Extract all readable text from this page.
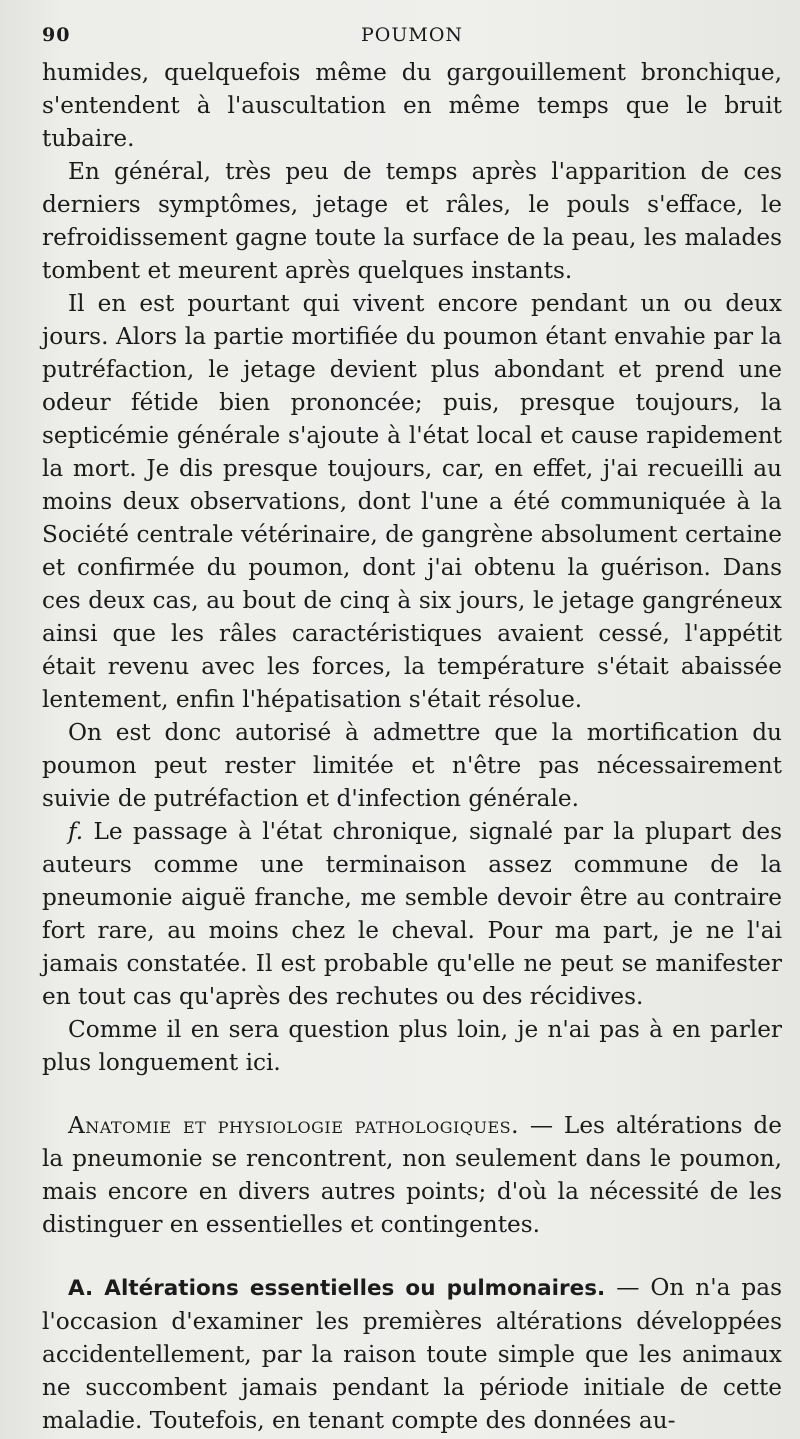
90	POUMON

humides, quelquefois même du gargouillement bronchique, s'entendent à l'auscultation en même temps que le bruit tubaire.

En général, très peu de temps après l'apparition de ces derniers symptômes, jetage et râles, le pouls s'efface, le refroidissement gagne toute la surface de la peau, les malades tombent et meurent après quelques instants.

Il en est pourtant qui vivent encore pendant un ou deux jours. Alors la partie mortifiée du poumon étant envahie par la putréfaction, le jetage devient plus abondant et prend une odeur fétide bien prononcée; puis, presque toujours, la septicémie générale s'ajoute à l'état local et cause rapidement la mort. Je dis presque toujours, car, en effet, j'ai recueilli au moins deux observations, dont l'une a été communiquée à la Société centrale vétérinaire, de gangrène absolument certaine et confirmée du poumon, dont j'ai obtenu la guérison. Dans ces deux cas, au bout de cinq à six jours, le jetage gangréneux ainsi que les râles caractéristiques avaient cessé, l'appétit était revenu avec les forces, la température s'était abaissée lentement, enfin l'hépatisation s'était résolue.

On est donc autorisé à admettre que la mortification du poumon peut rester limitée et n'être pas nécessairement suivie de putréfaction et d'infection générale.

f. Le passage à l'état chronique, signalé par la plupart des auteurs comme une terminaison assez commune de la pneumonie aiguë franche, me semble devoir être au contraire fort rare, au moins chez le cheval. Pour ma part, je ne l'ai jamais constatée. Il est probable qu'elle ne peut se manifester en tout cas qu'après des rechutes ou des récidives.

Comme il en sera question plus loin, je n'ai pas à en parler plus longuement ici.

Anatomie et physiologie pathologiques. — Les altérations de la pneumonie se rencontrent, non seulement dans le poumon, mais encore en divers autres points; d'où la nécessité de les distinguer en essentielles et contingentes.

A. Altérations essentielles ou pulmonaires. — On n'a pas l'occasion d'examiner les premières altérations développées accidentellement, par la raison toute simple que les animaux ne succombent jamais pendant la période initiale de cette maladie. Toutefois, en tenant compte des données au-
